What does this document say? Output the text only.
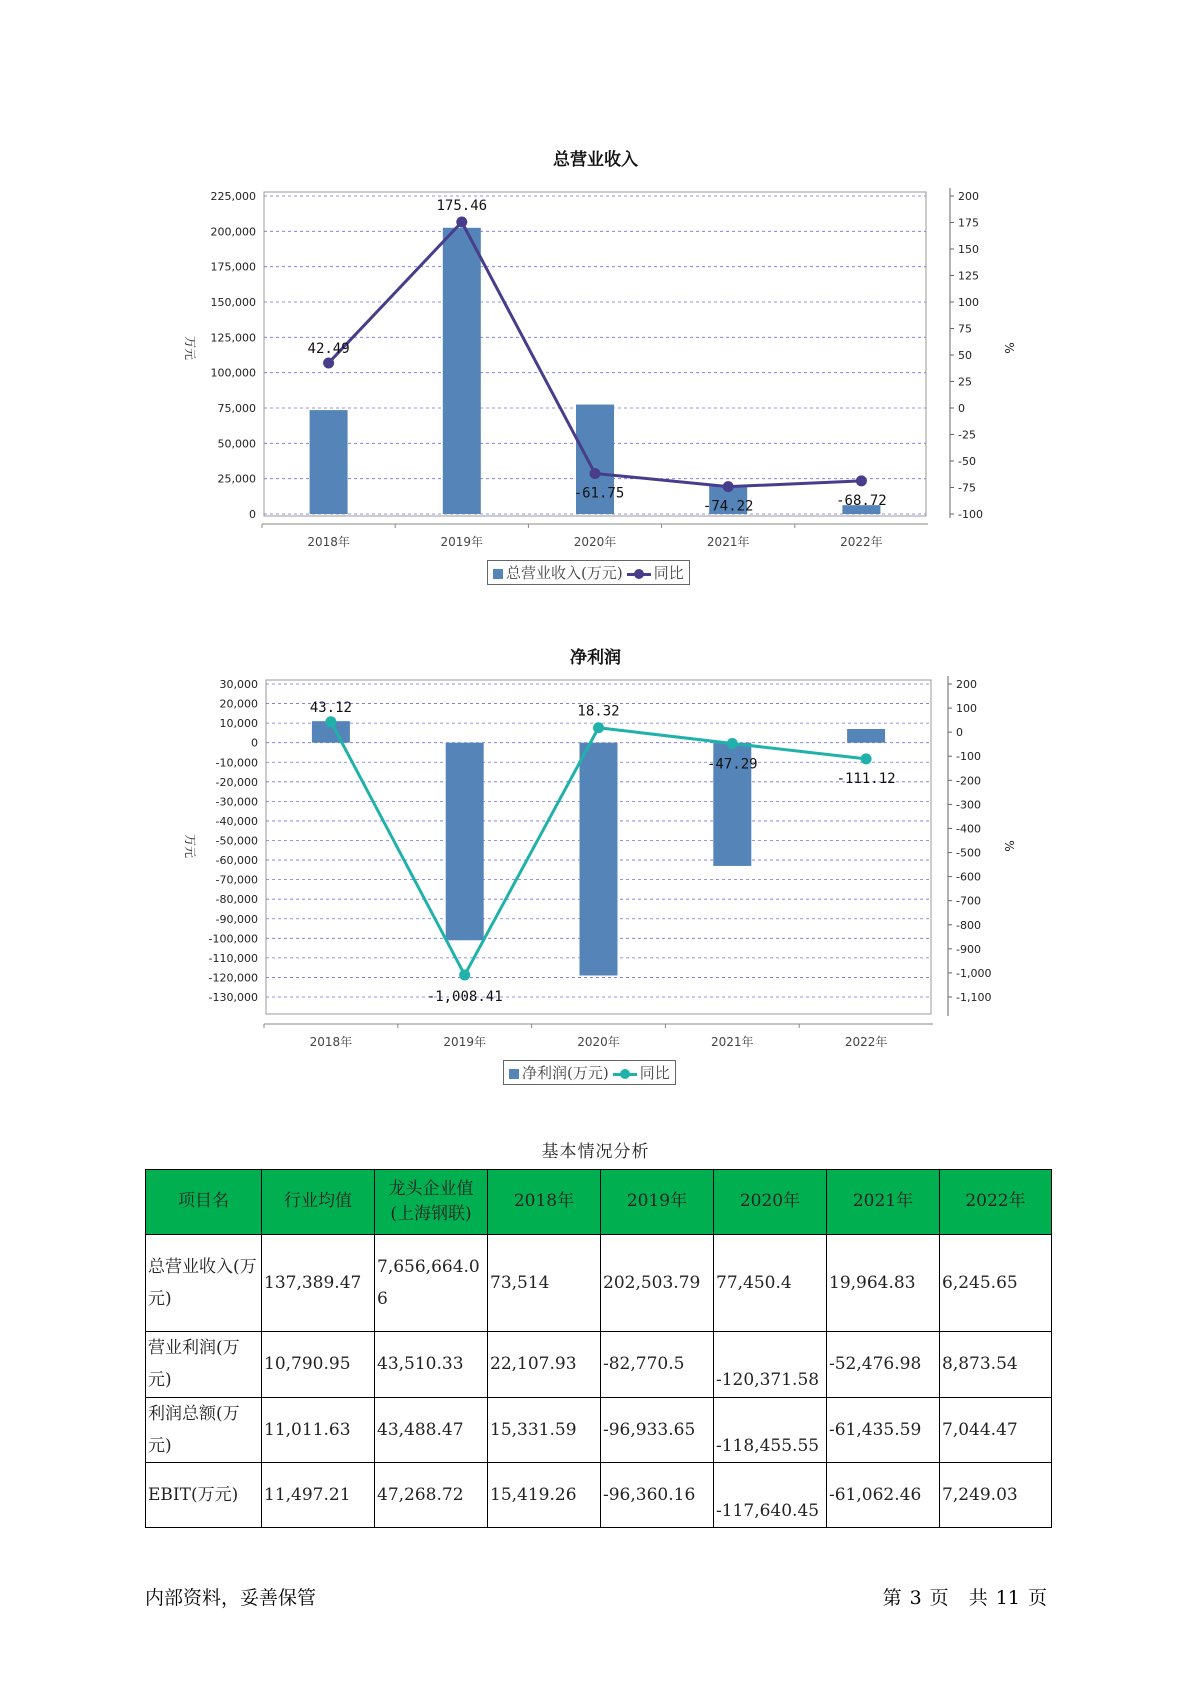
总营业收入
0
25,000
50,000
75,000
100,000
125,000
150,000
175,000
200,000
225,000
-100
-75
-50
-25
0
25
50
75
100
125
150
175
200
万元	%
2018年	2019年	2020年	2021年	2022年
42.49
175.46
-61.75
-74.22	-68.72
总营业收入(万元) 同比
净利润
30,000
20,000
10,000
0
-10,000
-20,000
-30,000
-40,000
-50,000
-60,000
-70,000
-80,000
-90,000
-100,000
-110,000
-120,000
-130,000
200
100
0
-100
-200
-300
-400
-500
-600
-700
-800
-900
-1,000
-1,100
万元	%
2018年	2019年	2020年	2021年	2022年
43.12
-1,008.41
18.32
-47.29
-111.12
净利润(万元) 同比
基本情况分析
项目名	行业均值	龙头企业值(上海钢联)	2018年	2019年	2020年	2021年	2022年
总营业收入(万元)	137,389.47	7,656,664.06	73,514	202,503.79	77,450.4	19,964.83	6,245.65
营业利润(万元)	10,790.95	43,510.33	22,107.93	-82,770.5	-120,371.58	-52,476.98	8,873.54
利润总额(万元)	11,011.63	43,488.47	15,331.59	-96,933.65	-118,455.55	-61,435.59	7,044.47
EBIT(万元)	11,497.21	47,268.72	15,419.26	-96,360.16	-117,640.45	-61,062.46	7,249.03
内部资料，妥善保管	第 3 页 共 11 页
